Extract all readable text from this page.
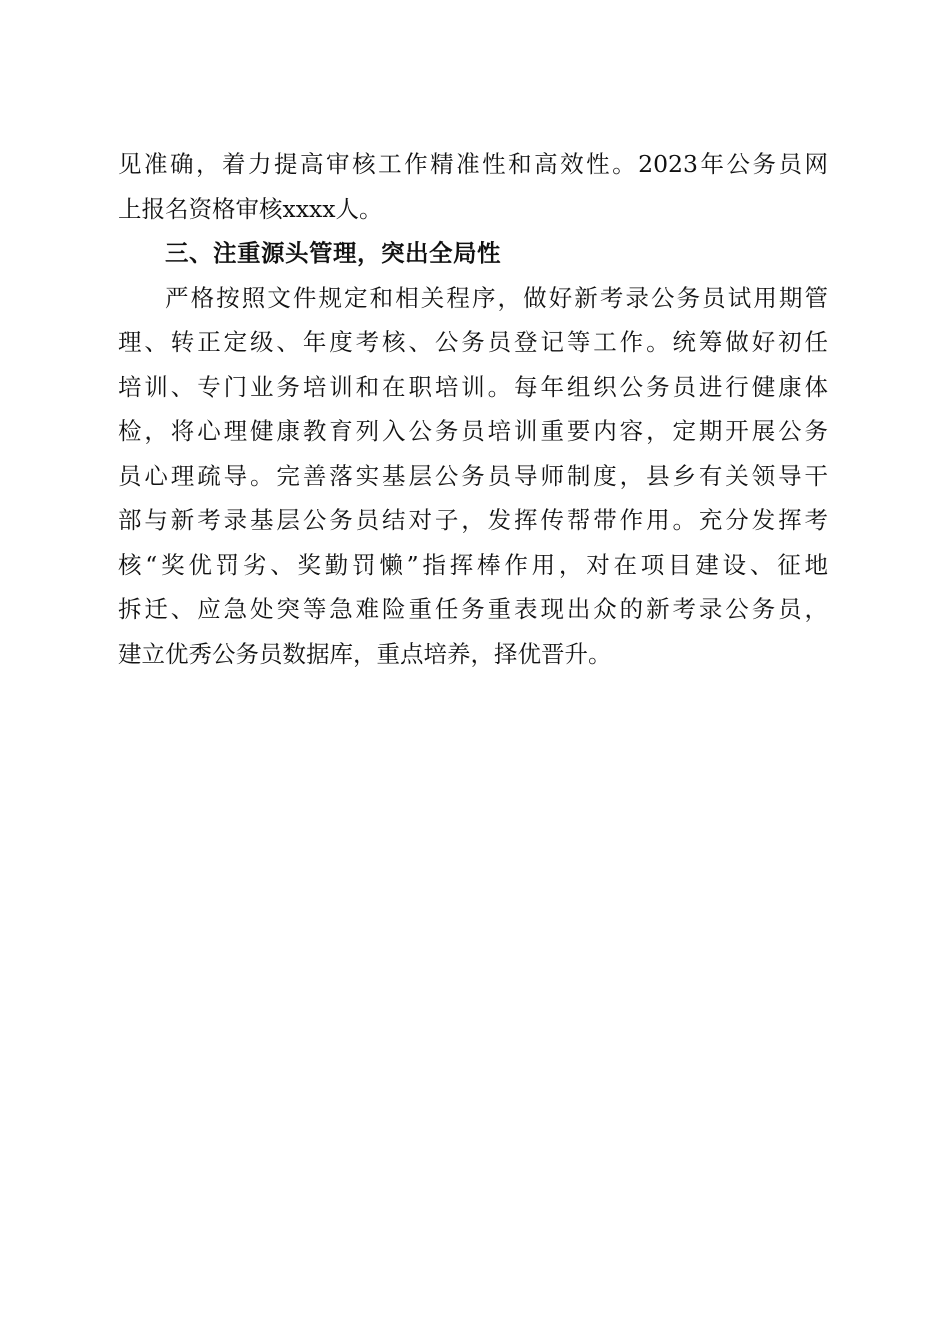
见准确，着力提高审核工作精准性和高效性。2023年公务员网
上报名资格审核xxxx人。
三、注重源头管理，突出全局性
严格按照文件规定和相关程序，做好新考录公务员试用期管
理、转正定级、年度考核、公务员登记等工作。统筹做好初任
培训、专门业务培训和在职培训。每年组织公务员进行健康体
检，将心理健康教育列入公务员培训重要内容，定期开展公务
员心理疏导。完善落实基层公务员导师制度，县乡有关领导干
部与新考录基层公务员结对子，发挥传帮带作用。充分发挥考
核“奖优罚劣、奖勤罚懒”指挥棒作用，对在项目建设、征地
拆迁、应急处突等急难险重任务重表现出众的新考录公务员，
建立优秀公务员数据库，重点培养，择优晋升。
